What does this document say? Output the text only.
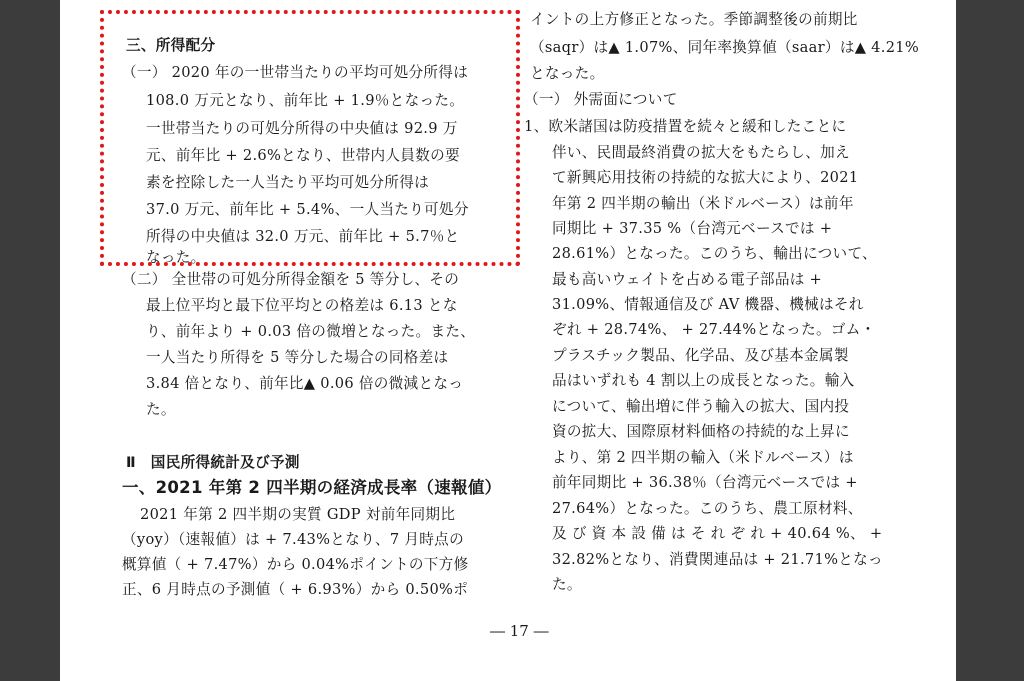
三、所得配分
（一） 2020 年の一世帯当たりの平均可処分所得は
108.0 万元となり、前年比 + 1.9％となった。
一世帯当たりの可処分所得の中央値は 92.9 万
元、前年比 + 2.6%となり、世帯内人員数の要
素を控除した一人当たり平均可処分所得は
37.0 万元、前年比 + 5.4%、一人当たり可処分
所得の中央値は 32.0 万元、前年比 + 5.7％と
なった。
（二） 全世帯の可処分所得金額を 5 等分し、その
最上位平均と最下位平均との格差は 6.13 とな
り、前年より + 0.03 倍の微増となった。また、
一人当たり所得を 5 等分した場合の同格差は
3.84 倍となり、前年比▲ 0.06 倍の微減となっ
た。
Ⅱ　国民所得統計及び予測
一、2021 年第 2 四半期の経済成長率（速報値）
2021 年第 2 四半期の実質 GDP 対前年同期比
（yoy）（速報値）は + 7.43%となり、7 月時点の
概算値（ + 7.47%）から 0.04%ポイントの下方修
正、6 月時点の予測値（ + 6.93%）から 0.50%ポ
イントの上方修正となった。季節調整後の前期比
（saqr）は▲ 1.07%、同年率換算値（saar）は▲ 4.21%
となった。
（一） 外需面について
1、欧米諸国は防疫措置を続々と緩和したことに
伴い、民間最終消費の拡大をもたらし、加え
て新興応用技術の持続的な拡大により、2021
年第 2 四半期の輸出（米ドルベース）は前年
同期比 + 37.35 %（台湾元ベースでは +
28.61%）となった。このうち、輸出について、
最も高いウェイトを占める電子部品は +
31.09%、情報通信及び AV 機器、機械はそれ
ぞれ + 28.74%、 + 27.44%となった。ゴム・
プラスチック製品、化学品、及び基本金属製
品はいずれも 4 割以上の成長となった。輸入
について、輸出増に伴う輸入の拡大、国内投
資の拡大、国際原材料価格の持続的な上昇に
より、第 2 四半期の輸入（米ドルベース）は
前年同期比 + 36.38％（台湾元ベースでは +
27.64%）となった。このうち、農工原材料、
及 び 資 本 設 備 は そ れ ぞ れ + 40.64 %、 +
32.82%となり、消費関連品は + 21.71%となっ
た。
― 17 ―
